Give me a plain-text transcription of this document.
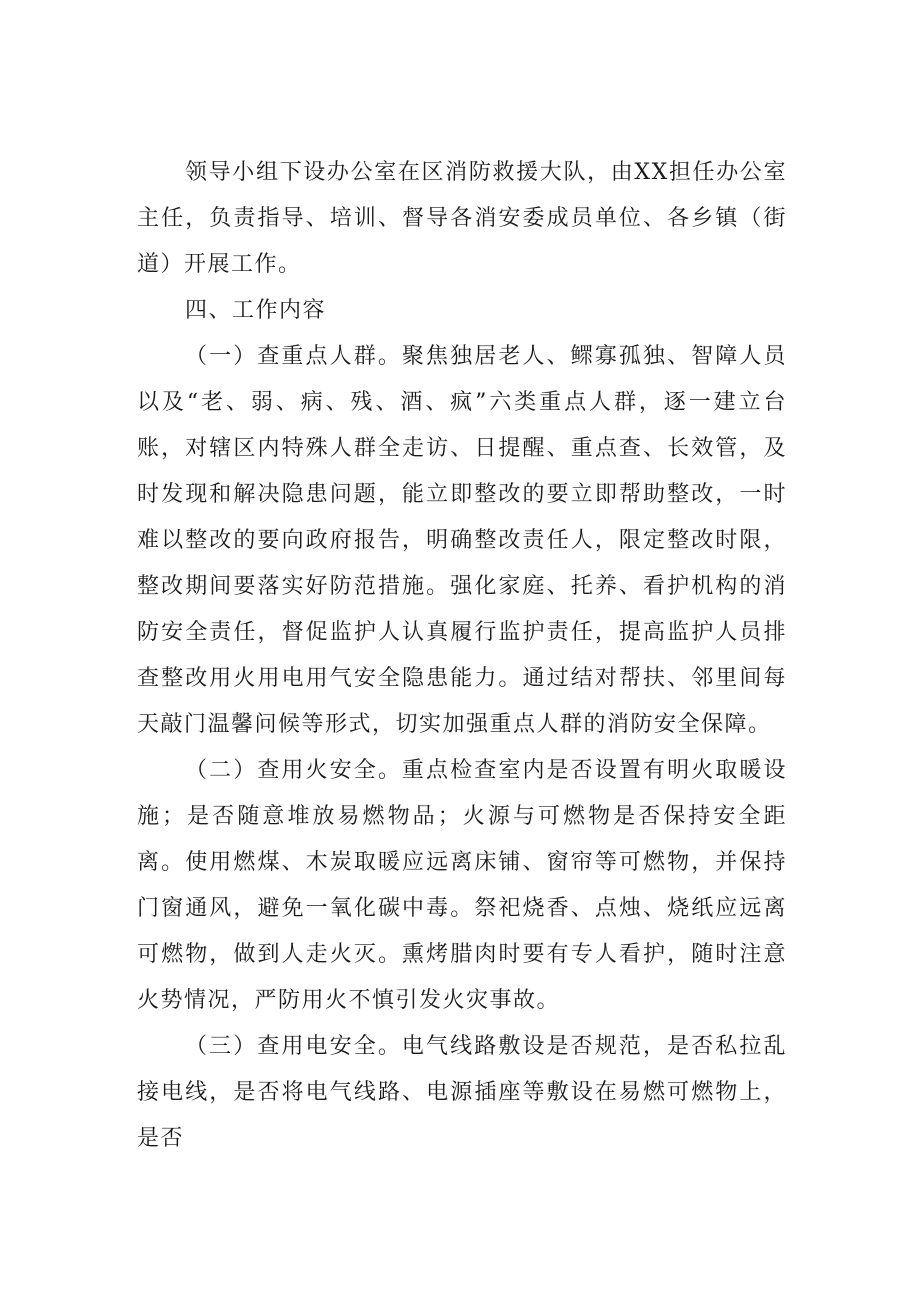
领导小组下设办公室在区消防救援大队，由XX担任办公室主任，负责指导、培训、督导各消安委成员单位、各乡镇（街道）开展工作。

四、工作内容

（一）查重点人群。聚焦独居老人、鳏寡孤独、智障人员以及“老、弱、病、残、酒、疯”六类重点人群，逐一建立台账，对辖区内特殊人群全走访、日提醒、重点查、长效管，及时发现和解决隐患问题，能立即整改的要立即帮助整改，一时难以整改的要向政府报告，明确整改责任人，限定整改时限，整改期间要落实好防范措施。强化家庭、托养、看护机构的消防安全责任，督促监护人认真履行监护责任，提高监护人员排查整改用火用电用气安全隐患能力。通过结对帮扶、邻里间每天敲门温馨问候等形式，切实加强重点人群的消防安全保障。

（二）查用火安全。重点检查室内是否设置有明火取暖设施；是否随意堆放易燃物品；火源与可燃物是否保持安全距离。使用燃煤、木炭取暖应远离床铺、窗帘等可燃物，并保持门窗通风，避免一氧化碳中毒。祭祀烧香、点烛、烧纸应远离可燃物，做到人走火灭。熏烤腊肉时要有专人看护，随时注意火势情况，严防用火不慎引发火灾事故。

（三）查用电安全。电气线路敷设是否规范，是否私拉乱接电线，是否将电气线路、电源插座等敷设在易燃可燃物上，是否
